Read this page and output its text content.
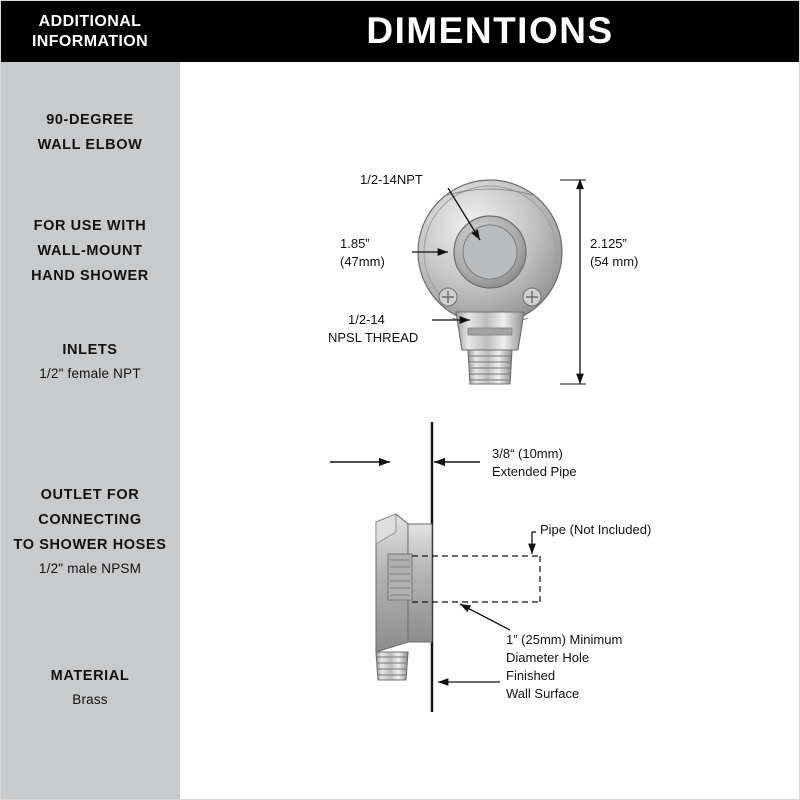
ADDITIONAL
INFORMATION
90-DEGREE
WALL ELBOW
FOR USE WITH
WALL-MOUNT
HAND SHOWER
INLETS
1/2" female NPT
OUTLET FOR
CONNECTING
TO SHOWER HOSES
1/2" male NPSM
MATERIAL
Brass
DIMENTIONS
2.125”
(54 mm)
1.85”
(47mm)
1/2-14NPT
1/2-14
NPSL THREAD
3/8“ (10mm)
Extended Pipe
Pipe (Not Included)
1” (25mm) Minimum
Diameter Hole
Finished
Wall Surface
